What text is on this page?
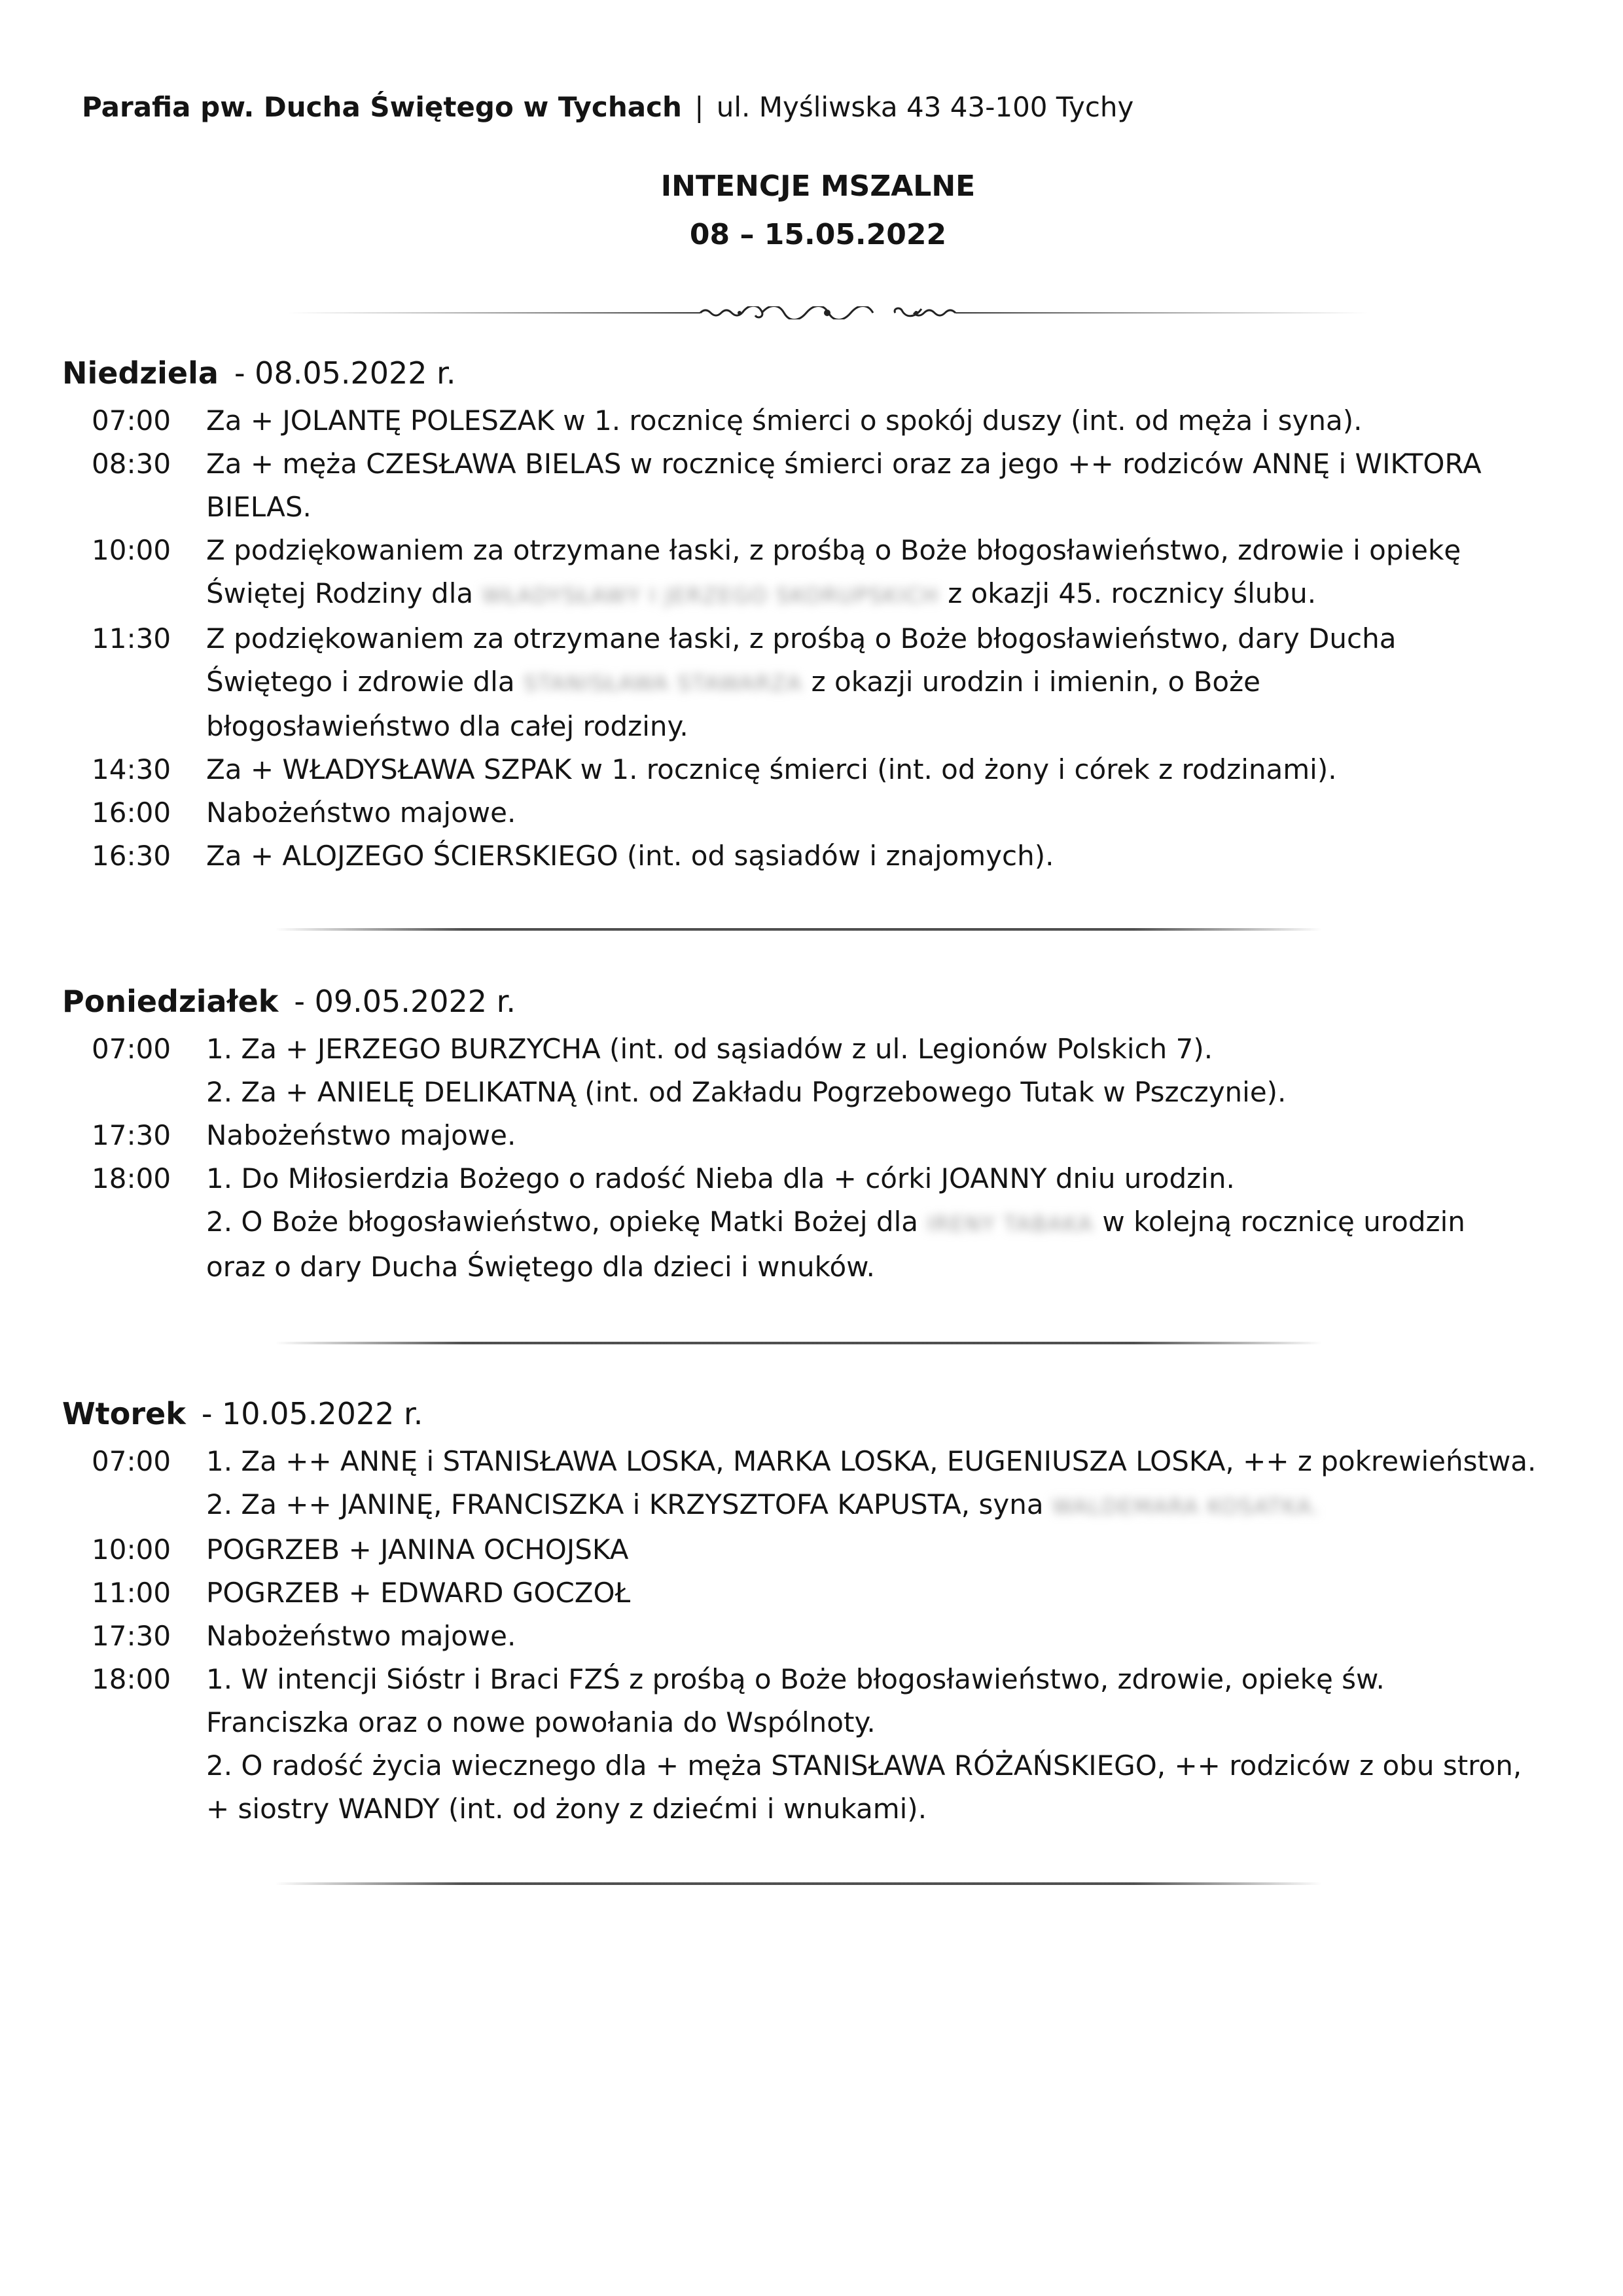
Parafia pw. Ducha Świętego w Tychach | ul. Myśliwska 43 43-100 Tychy
INTENCJE MSZALNE
08 – 15.05.2022
Niedziela - 08.05.2022 r.
07:00	Za + JOLANTĘ POLESZAK w 1. rocznicę śmierci o spokój duszy (int. od męża i syna).
08:30	Za + męża CZESŁAWA BIELAS w rocznicę śmierci oraz za jego ++ rodziców ANNĘ i WIKTORA
BIELAS.
10:00	Z podziękowaniem za otrzymane łaski, z prośbą o Boże błogosławieństwo, zdrowie i opiekę
Świętej Rodziny dla WŁADYSŁAWY I JERZEGO SKORUPSKICH z okazji 45. rocznicy ślubu.
11:30	Z podziękowaniem za otrzymane łaski, z prośbą o Boże błogosławieństwo, dary Ducha
Świętego i zdrowie dla STANISŁAWA STAWARZA z okazji urodzin i imienin, o Boże
błogosławieństwo dla całej rodziny.
14:30	Za + WŁADYSŁAWA SZPAK w 1. rocznicę śmierci (int. od żony i córek z rodzinami).
16:00	Nabożeństwo majowe.
16:30	Za + ALOJZEGO ŚCIERSKIEGO (int. od sąsiadów i znajomych).
Poniedziałek - 09.05.2022 r.
07:00	1. Za + JERZEGO BURZYCHA (int. od sąsiadów z ul. Legionów Polskich 7).
2. Za + ANIELĘ DELIKATNĄ (int. od Zakładu Pogrzebowego Tutak w Pszczynie).
17:30	Nabożeństwo majowe.
18:00	1. Do Miłosierdzia Bożego o radość Nieba dla + córki JOANNY dniu urodzin.
2. O Boże błogosławieństwo, opiekę Matki Bożej dla IRENY TABAKA w kolejną rocznicę urodzin
oraz o dary Ducha Świętego dla dzieci i wnuków.
Wtorek - 10.05.2022 r.
07:00	1. Za ++ ANNĘ i STANISŁAWA LOSKA, MARKA LOSKA, EUGENIUSZA LOSKA, ++ z pokrewieństwa.
2. Za ++ JANINĘ, FRANCISZKA i KRZYSZTOFA KAPUSTA, syna WALDEMARA KOSATKA.
10:00	POGRZEB + JANINA OCHOJSKA
11:00	POGRZEB + EDWARD GOCZOŁ
17:30	Nabożeństwo majowe.
18:00	1. W intencji Sióstr i Braci FZŚ z prośbą o Boże błogosławieństwo, zdrowie, opiekę św.
Franciszka oraz o nowe powołania do Wspólnoty.
2. O radość życia wiecznego dla + męża STANISŁAWA RÓŻAŃSKIEGO, ++ rodziców z obu stron,
+ siostry WANDY (int. od żony z dziećmi i wnukami).
